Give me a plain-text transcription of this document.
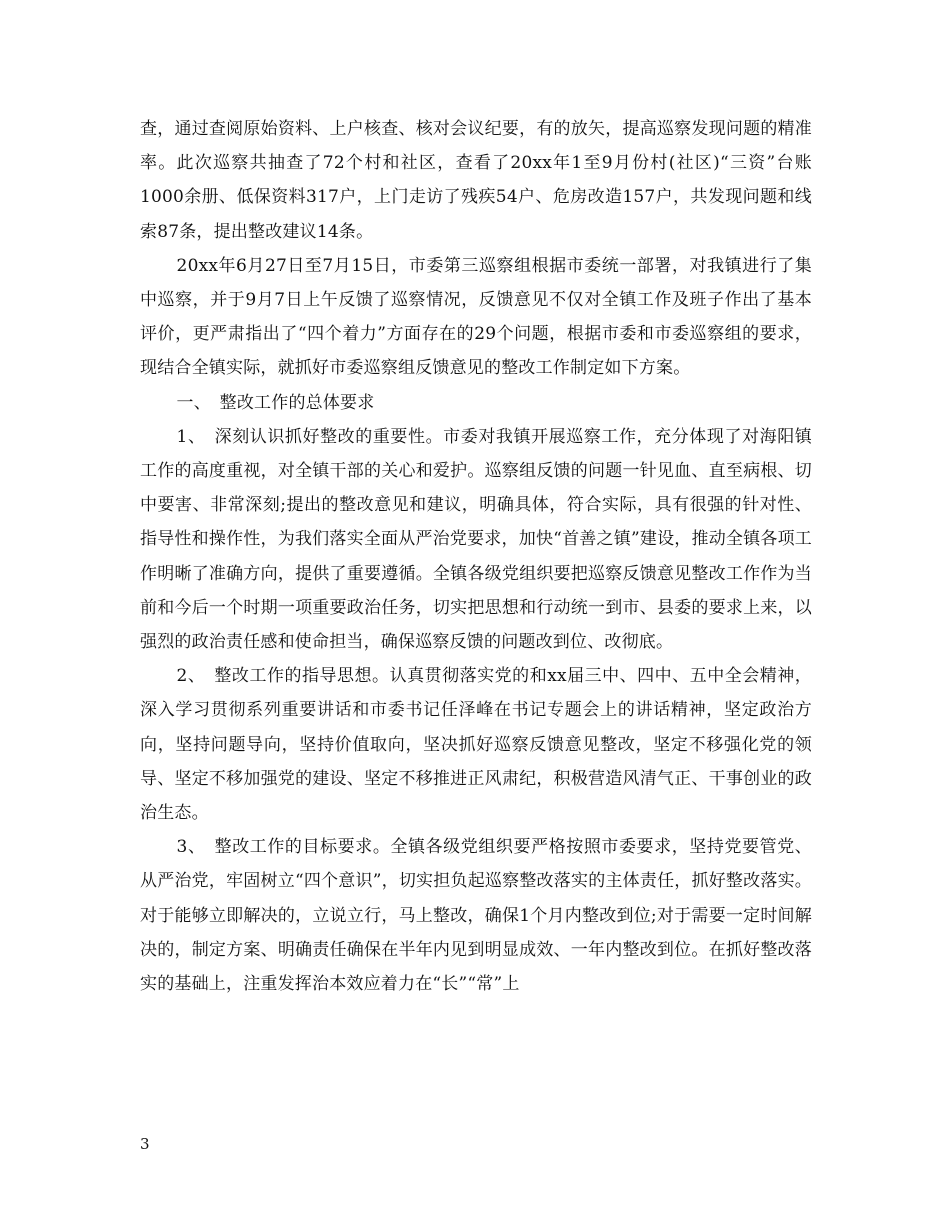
查，通过查阅原始资料、上户核查、核对会议纪要，有的放矢，提高巡察发现问题的精准率。此次巡察共抽查了72个村和社区，查看了20xx年1至9月份村(社区)“三资”台账1000余册、低保资料317户，上门走访了残疾54户、危房改造157户，共发现问题和线索87条，提出整改建议14条。

20xx年6月27日至7月15日，市委第三巡察组根据市委统一部署，对我镇进行了集中巡察，并于9月7日上午反馈了巡察情况，反馈意见不仅对全镇工作及班子作出了基本评价，更严肃指出了“四个着力”方面存在的29个问题，根据市委和市委巡察组的要求，现结合全镇实际，就抓好市委巡察组反馈意见的整改工作制定如下方案。

一、　整改工作的总体要求

1、　深刻认识抓好整改的重要性。市委对我镇开展巡察工作，充分体现了对海阳镇工作的高度重视，对全镇干部的关心和爱护。巡察组反馈的问题一针见血、直至病根、切中要害、非常深刻;提出的整改意见和建议，明确具体，符合实际，具有很强的针对性、指导性和操作性，为我们落实全面从严治党要求，加快“首善之镇”建设，推动全镇各项工作明晰了准确方向，提供了重要遵循。全镇各级党组织要把巡察反馈意见整改工作作为当前和今后一个时期一项重要政治任务，切实把思想和行动统一到市、县委的要求上来，以强烈的政治责任感和使命担当，确保巡察反馈的问题改到位、改彻底。

2、　整改工作的指导思想。认真贯彻落实党的和xx届三中、四中、五中全会精神，深入学习贯彻系列重要讲话和市委书记任泽峰在书记专题会上的讲话精神，坚定政治方向，坚持问题导向，坚持价值取向，坚决抓好巡察反馈意见整改，坚定不移强化党的领导、坚定不移加强党的建设、坚定不移推进正风肃纪，积极营造风清气正、干事创业的政治生态。

3、　整改工作的目标要求。全镇各级党组织要严格按照市委要求，坚持党要管党、从严治党，牢固树立“四个意识”，切实担负起巡察整改落实的主体责任，抓好整改落实。对于能够立即解决的，立说立行，马上整改，确保1个月内整改到位;对于需要一定时间解决的，制定方案、明确责任确保在半年内见到明显成效、一年内整改到位。在抓好整改落实的基础上，注重发挥治本效应着力在“长”“常”上

3
